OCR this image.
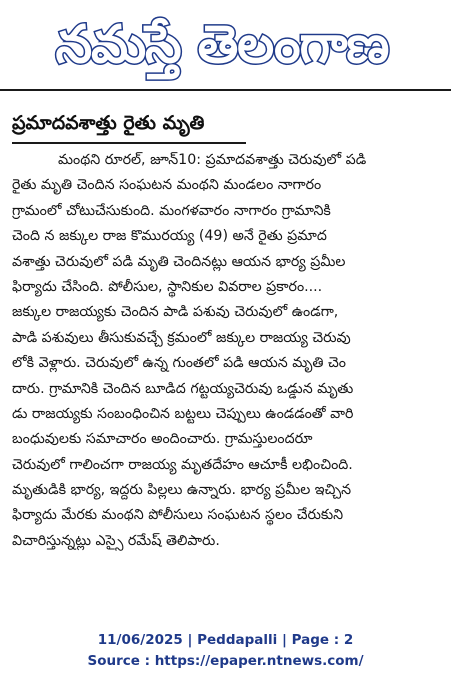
నమస్తే తెలంగాణ
ప్రమాదవశాత్తు రైతు మృతి
మంథని రూరల్, జూన్10: ప్రమాదవశాత్తు చెరువులో పడి
రైతు మృతి చెందిన సంఘటన మంథని మండలం నాగారం
గ్రామంలో చోటుచేసుకుంది. మంగళవారం నాగారం గ్రామానికి
చెంది న జక్కుల రాజ కొమురయ్య (49) అనే రైతు ప్రమాద
వశాత్తు చెరువులో పడి మృతి చెందినట్లు ఆయన భార్య ప్రమీల
ఫిర్యాదు చేసింది. పోలీసుల, స్థానికుల వివరాల ప్రకారం....
జక్కుల రాజయ్యకు చెందిన పాడి పశువు చెరువులో ఉండగా,
పాడి పశువులు తీసుకువచ్చే క్రమంలో జక్కుల రాజయ్య చెరువు
లోకి వెళ్లారు. చెరువులో ఉన్న గుంతలో పడి ఆయన మృతి చెం
దారు. గ్రామానికి చెందిన బూడిద గట్టయ్యచెరువు ఒడ్డున మృతు
డు రాజయ్యకు సంబంధించిన బట్టలు చెప్పులు ఉండడంతో వారి
బంధువులకు సమాచారం అందించారు. గ్రామస్తులందరూ
చెరువులో గాలించగా రాజయ్య మృతదేహం ఆచూకీ లభించింది.
మృతుడికి భార్య, ఇద్దరు పిల్లలు ఉన్నారు. భార్య ప్రమీల ఇచ్చిన
ఫిర్యాదు మేరకు మంథని పోలీసులు సంఘటన స్థలం చేరుకుని
విచారిస్తున్నట్లు ఎస్సై రమేష్ తెలిపారు.
11/06/2025 | Peddapalli | Page : 2
Source : https://epaper.ntnews.com/
